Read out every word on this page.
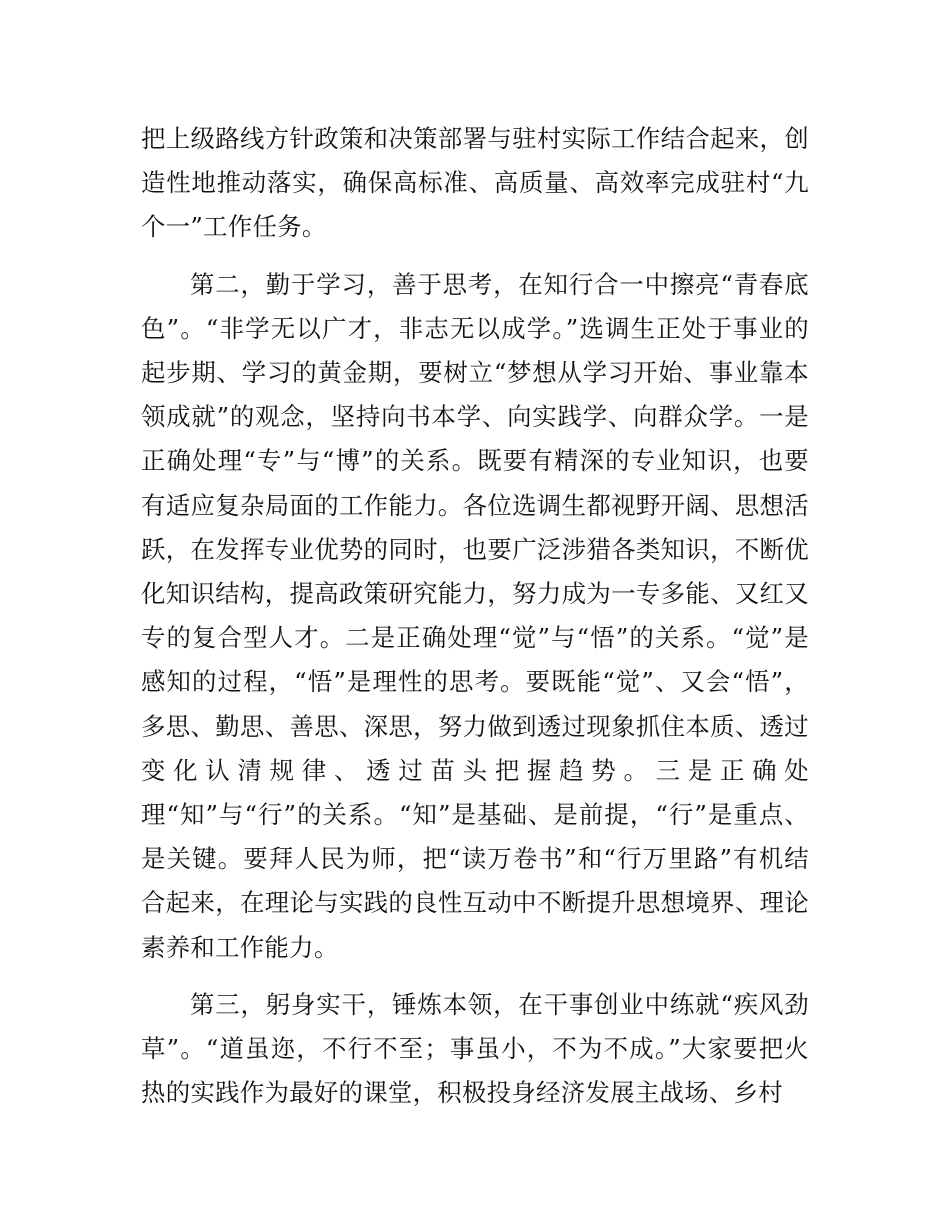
把上级路线方针政策和决策部署与驻村实际工作结合起来，创造性地推动落实，确保高标准、高质量、高效率完成驻村“九个一”工作任务。

第二，勤于学习，善于思考，在知行合一中擦亮“青春底色”。“非学无以广才，非志无以成学。”选调生正处于事业的起步期、学习的黄金期，要树立“梦想从学习开始、事业靠本领成就”的观念，坚持向书本学、向实践学、向群众学。一是正确处理“专”与“博”的关系。既要有精深的专业知识，也要有适应复杂局面的工作能力。各位选调生都视野开阔、思想活跃，在发挥专业优势的同时，也要广泛涉猎各类知识，不断优化知识结构，提高政策研究能力，努力成为一专多能、又红又专的复合型人才。二是正确处理“觉”与“悟”的关系。“觉”是感知的过程，“悟”是理性的思考。要既能“觉”、又会“悟”，多思、勤思、善思、深思，努力做到透过现象抓住本质、透过变化认清规律、透过苗头把握趋势。三是正确处理“知”与“行”的关系。“知”是基础、是前提，“行”是重点、是关键。要拜人民为师，把“读万卷书”和“行万里路”有机结合起来，在理论与实践的良性互动中不断提升思想境界、理论素养和工作能力。

第三，躬身实干，锤炼本领，在干事创业中练就“疾风劲草”。“道虽迩，不行不至；事虽小，不为不成。”大家要把火热的实践作为最好的课堂，积极投身经济发展主战场、乡村
